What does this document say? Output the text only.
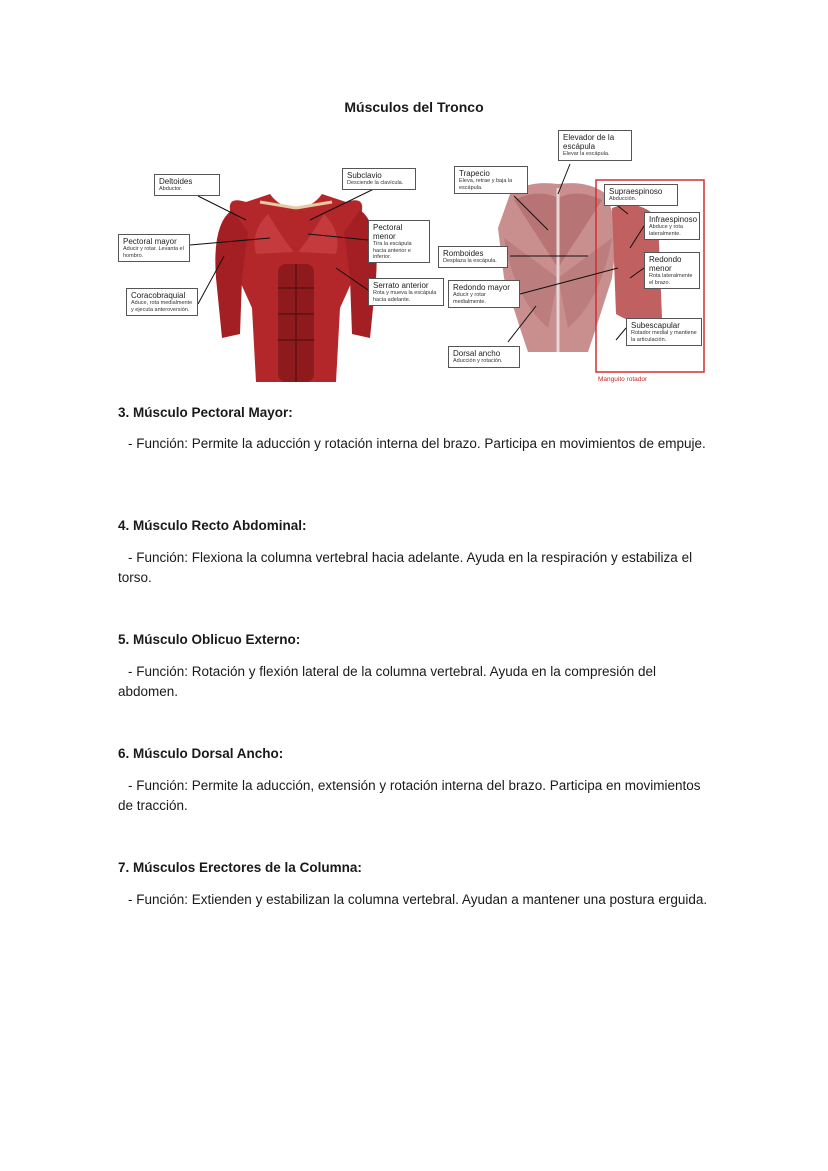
Músculos del Tronco
Deltoides
Abductor.
Subclavio
Desciende la clavícula.
Pectoral mayor
Aducir y rotar. Levanta el hombro.
Pectoral menor
Tira la escápula hacia anterior e inferior.
Coracobraquial
Aduce, rota medialmente y ejecuta anteroversión.
Serrato anterior
Rota y mueva la escápula hacia adelante.
Elevador de la escápula
Elevar la escápula.
Trapecio
Eleva, retrae y baja la escápula.
Romboides
Desplaza la escápula.
Redondo mayor
Aducir y rotar medialmente.
Dorsal ancho
Aducción y rotación.
Supraespinoso
Abducción.
Infraespinoso
Abduce y rota lateralmente.
Redondo menor
Rota lateralmente el brazo.
Subescapular
Rotador medial y mantiene la articulación.
Manguito rotador
3. Músculo Pectoral Mayor:
- Función: Permite la aducción y rotación interna del brazo. Participa en movimientos de empuje.
4. Músculo Recto Abdominal:
- Función: Flexiona la columna vertebral hacia adelante. Ayuda en la respiración y estabiliza el torso.
5. Músculo Oblicuo Externo:
- Función: Rotación y flexión lateral de la columna vertebral. Ayuda en la compresión del abdomen.
6. Músculo Dorsal Ancho:
- Función: Permite la aducción, extensión y rotación interna del brazo. Participa en movimientos de tracción.
7. Músculos Erectores de la Columna:
- Función: Extienden y estabilizan la columna vertebral. Ayudan a mantener una postura erguida.
